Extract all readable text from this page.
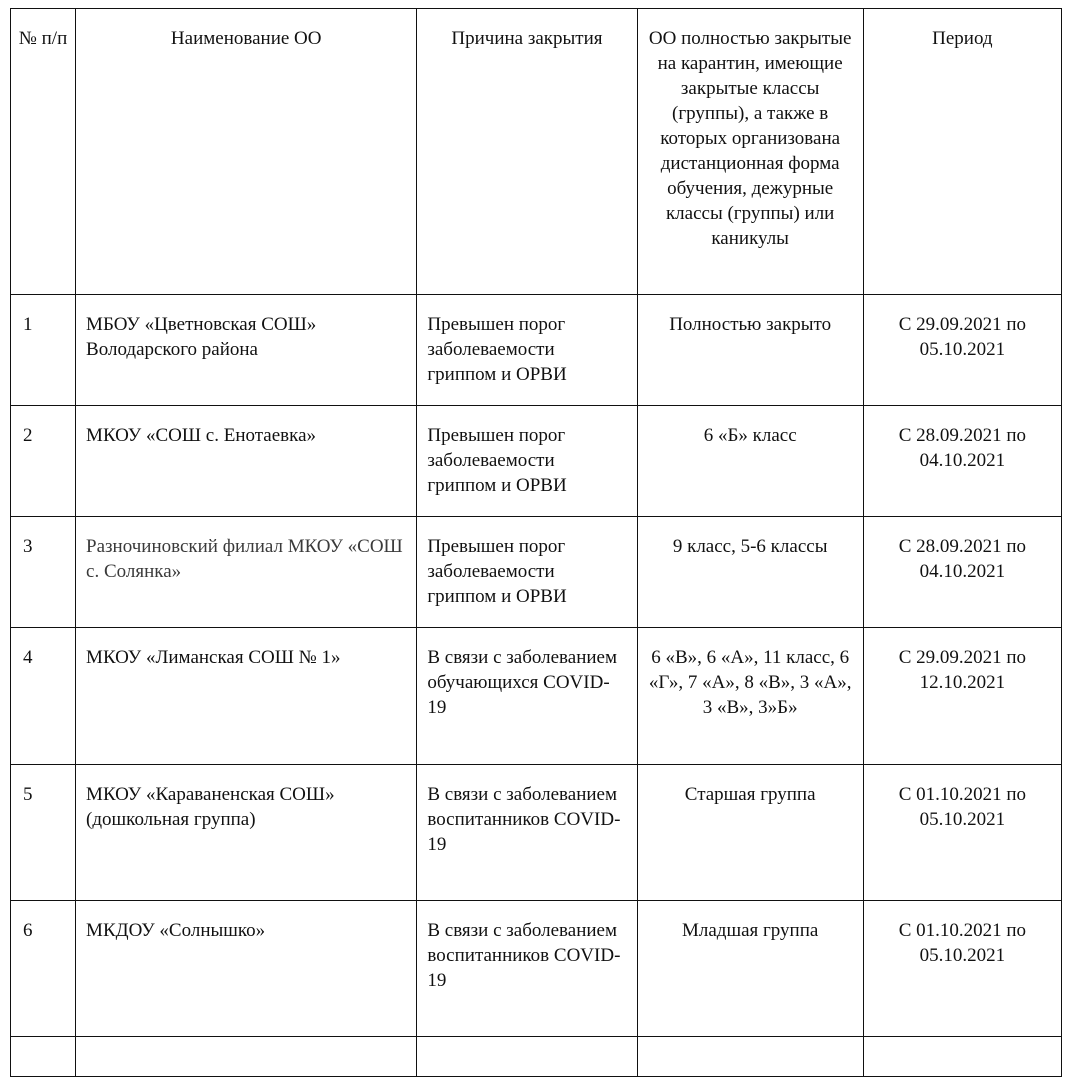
№ п/п	Наименование ОО	Причина закрытия	ОО полностью закрытые на карантин, имеющие закрытые классы (группы), а также в которых организована дистанционная форма обучения, дежурные классы (группы) или каникулы	Период
1	МБОУ «Цветновская СОШ» Володарского района	Превышен порог заболеваемости гриппом и ОРВИ	Полностью закрыто	С 29.09.2021 по 05.10.2021
2	МКОУ «СОШ с. Енотаевка»	Превышен порог заболеваемости гриппом и ОРВИ	6 «Б» класс	С 28.09.2021 по 04.10.2021
3	Разночиновский филиал МКОУ «СОШ с. Солянка»	Превышен порог заболеваемости гриппом и ОРВИ	9 класс, 5-6 классы	С 28.09.2021 по 04.10.2021
4	МКОУ «Лиманская СОШ № 1»	В связи с заболеванием обучающихся COVID-19	6 «В», 6 «А», 11 класс, 6 «Г», 7 «А», 8 «В», 3 «А», 3 «В», 3»Б»	С 29.09.2021 по 12.10.2021
5	МКОУ «Караваненская СОШ» (дошкольная группа)	В связи с заболеванием воспитанников COVID-19	Старшая группа	С 01.10.2021 по 05.10.2021
6	МКДОУ «Солнышко»	В связи с заболеванием воспитанников COVID-19	Младшая группа	С 01.10.2021 по 05.10.2021
